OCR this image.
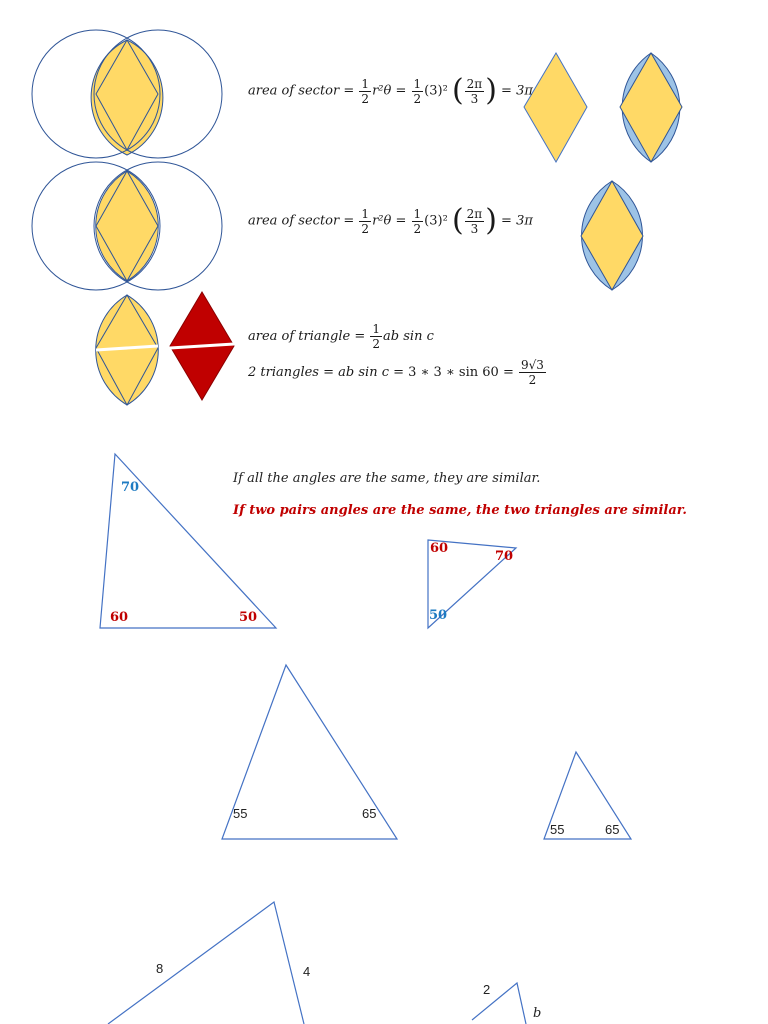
area of sector = $\frac{1}{2} r^2\theta = \frac{1}{2} (3)^2$ ( $\frac{2\pi}{3}$ ) = 3π
area of sector = $\frac{1}{2} r^2\theta = \frac{1}{2} (3)^2$ ( $\frac{2\pi}{3}$ ) = 3π
area of triangle = $\frac{1}{2}$ ab sin c
2 triangles = ab sin c = 3 ∗ 3 ∗ $\sin 60 = \frac{9√3}{2}$
If all the angles are the same, they are similar.
If two pairs angles are the same, the two triangles are similar.
70
60	50
60
70
50
55	65
55	65
8	4
2
b
